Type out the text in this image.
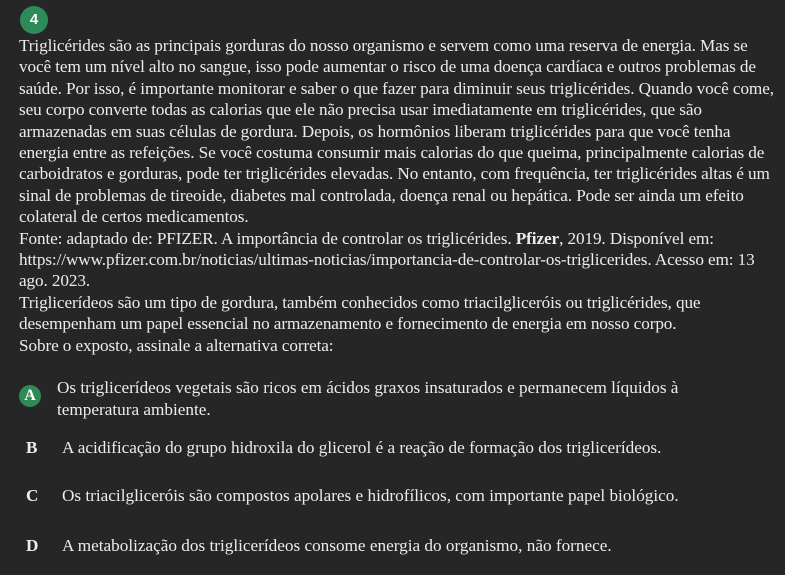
4

Triglicérides são as principais gorduras do nosso organismo e servem como uma reserva de energia. Mas se você tem um nível alto no sangue, isso pode aumentar o risco de uma doença cardíaca e outros problemas de saúde. Por isso, é importante monitorar e saber o que fazer para diminuir seus triglicérides. Quando você come, seu corpo converte todas as calorias que ele não precisa usar imediatamente em triglicérides, que são armazenadas em suas células de gordura. Depois, os hormônios liberam triglicérides para que você tenha energia entre as refeições. Se você costuma consumir mais calorias do que queima, principalmente calorias de carboidratos e gorduras, pode ter triglicérides elevadas. No entanto, com frequência, ter triglicérides altas é um sinal de problemas de tireoide, diabetes mal controlada, doença renal ou hepática. Pode ser ainda um efeito colateral de certos medicamentos.

Fonte: adaptado de: PFIZER. A importância de controlar os triglicérides. Pfizer, 2019. Disponível em: https://www.pfizer.com.br/noticias/ultimas-noticias/importancia-de-controlar-os-triglicerides. Acesso em: 13 ago. 2023.

Triglicerídeos são um tipo de gordura, também conhecidos como triacilgliceróis ou triglicérides, que desempenham um papel essencial no armazenamento e fornecimento de energia em nosso corpo.

Sobre o exposto, assinale a alternativa correta:

A	Os triglicerídeos vegetais são ricos em ácidos graxos insaturados e permanecem líquidos à temperatura ambiente.
B	A acidificação do grupo hidroxila do glicerol é a reação de formação dos triglicerídeos.
C	Os triacilgliceróis são compostos apolares e hidrofílicos, com importante papel biológico.
D	A metabolização dos triglicerídeos consome energia do organismo, não fornece.
